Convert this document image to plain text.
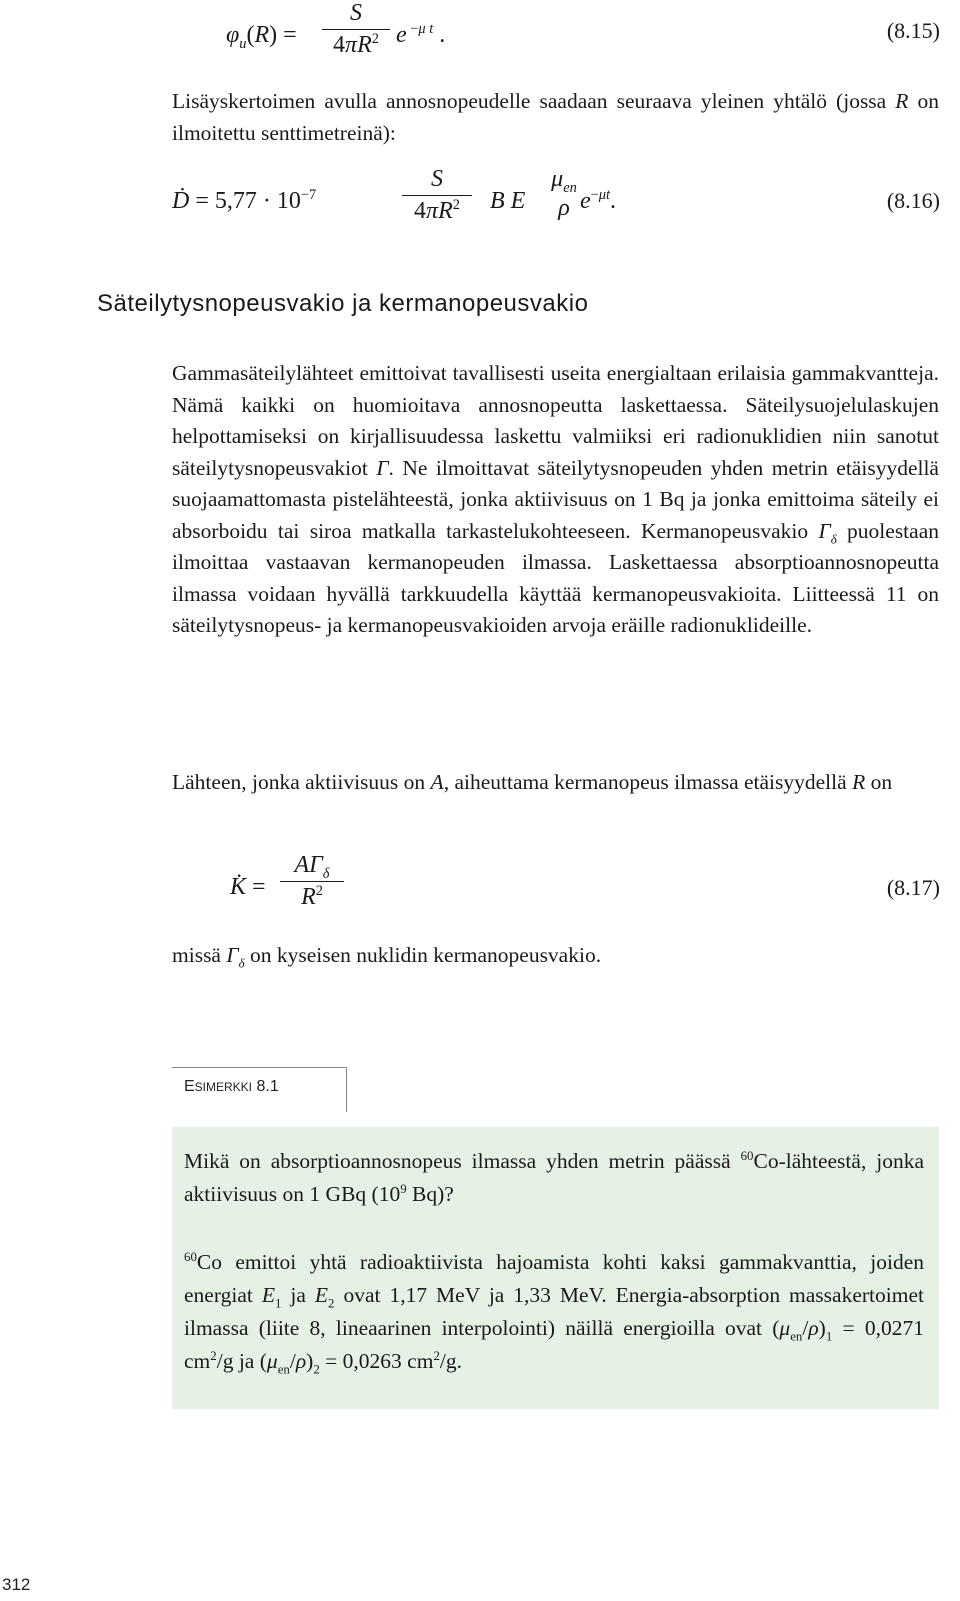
$\varphi_u(R)$ =
S
$4\pi R^2$ e $^{-\mu t}$ .	(8.15)
Lisäyskertoimen avulla annosnopeudelle saadaan seuraava yleinen yhtälö (jossa R on ilmoitettu senttimetreinä):
Ḋ = $5,77 \cdot 10^{-7}$
S
$4\pi R^2$	B E
$\mu_{en}$
ρ $e^{-\mu t}$.	(8.16)
Säteilytysnopeusvakio ja kermanopeusvakio
Gammasäteilylähteet emittoivat tavallisesti useita energialtaan erilaisia gammakvantteja. Nämä kaikki on huomioitava annosnopeutta laskettaessa. Säteilysuojelulaskujen helpottamiseksi on kirjallisuudessa laskettu valmiiksi eri radionuklidien niin sanotut säteilytysnopeusvakiot Γ. Ne ilmoittavat säteilytysnopeuden yhden metrin etäisyydellä suojaamattomasta pistelähteestä, jonka aktiivisuus on 1 Bq ja jonka emittoima säteily ei absorboidu tai siroa matkalla tarkastelukohteeseen. Kermanopeusvakio $\Gamma_\delta$ puolestaan ilmoittaa vastaavan kermanopeuden ilmassa. Laskettaessa absorptioannosnopeutta ilmassa voidaan hyvällä tarkkuudella käyttää kermanopeusvakioita. Liitteessä 11 on säteilytysnopeus- ja kermanopeusvakioiden arvoja eräille radionuklideille.
Lähteen, jonka aktiivisuus on A, aiheuttama kermanopeus ilmassa etäisyydellä R on
K̇ =
$A\Gamma_\delta$
$R^2$	(8.17)
missä $\Gamma_\delta$ on kyseisen nuklidin kermanopeusvakio.
ESIMERKKI 8.1
Mikä on absorptioannosnopeus ilmassa yhden metrin päässä $^{60}$Co-lähteestä, jonka aktiivisuus on 1 GBq ($10^9$ Bq)?
$^{60}$Co emittoi yhtä radioaktiivista hajoamista kohti kaksi gammakvanttia, joiden energiat $E_1$ ja $E_2$ ovat 1,17 MeV ja 1,33 MeV. Energia-absorption massakertoimet ilmassa (liite 8, lineaarinen interpolointi) näillä energioilla ovat $(\mu_{en}/\rho)_1 = 0,0271$ $cm^2/g$ ja $(\mu_{en}/\rho)_2 = 0,0263$ $cm^2/g$.
312
